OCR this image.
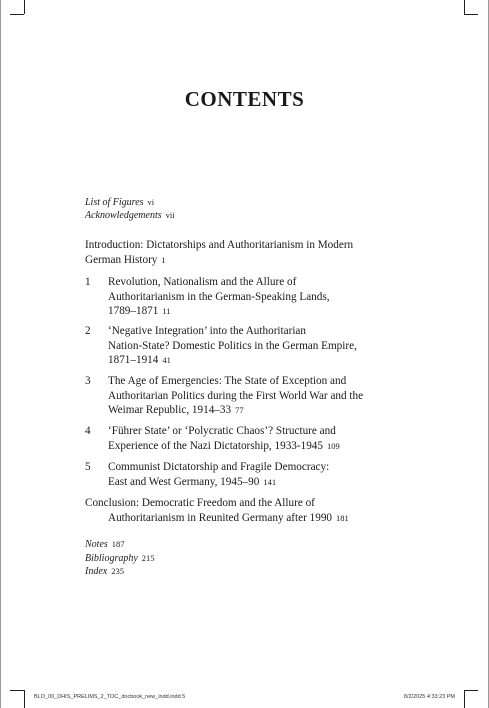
CONTENTS
List of Figures vi
Acknowledgements vii
Introduction: Dictatorships and Authoritarianism in Modern
German History 1
1	Revolution, Nationalism and the Allure of
Authoritarianism in the German-Speaking Lands,
1789–1871 11
2	‘Negative Integration’ into the Authoritarian
Nation-State? Domestic Politics in the German Empire,
1871–1914 41
3	The Age of Emergencies: The State of Exception and
Authoritarian Politics during the First World War and the
Weimar Republic, 1914–33 77
4	‘Führer State’ or ‘Polycratic Chaos’? Structure and
Experience of the Nazi Dictatorship, 1933-1945 109
5	Communist Dictatorship and Fragile Democracy:
East and West Germany, 1945–90 141
Conclusion: Democratic Freedom and the Allure of
Authoritarianism in Reunited Germany after 1990 181
Notes 187
Bibliography 215
Index 235
BLO_00_DHIS_PRELIMS_2_TOC_docbook_new_indd.indd 5	8/2/2025 4:33:23 PM
